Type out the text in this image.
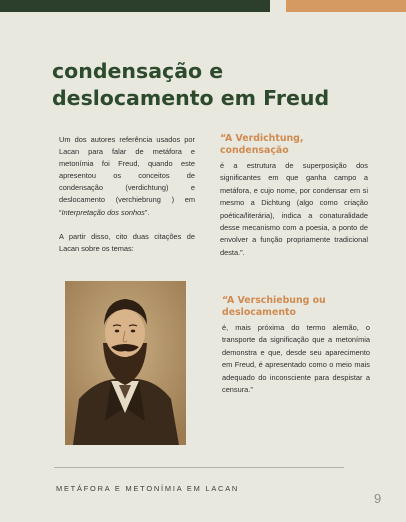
condensação e deslocamento em Freud

Um dos autores referência usados por Lacan para falar de metáfora e metonímia foi Freud, quando este apresentou os conceitos de condensação (verdichtung) e deslocamento (verchiebrung ) em “Interpretação dos sonhos”.

A partir disso, cito duas citações de Lacan sobre os temas:

“A Verdichtung, condensação
é a estrutura de superposição dos significantes em que ganha campo a metáfora, e cujo nome, por condensar em si mesmo a Dichtung (algo como criação poética/literária), indica a conaturalidade desse mecanismo com a poesia, a ponto de envolver a função propriamente tradicional desta.”.
“A Verschiebung ou deslocamento
é, mais próxima do termo alemão, o transporte da significação que a metonímia demonstra e que, desde seu aparecimento em Freud, é apresentado como o meio mais adequado do inconsciente para despistar a censura.”
METÁFORA E METONÍMIA EM LACAN
9
